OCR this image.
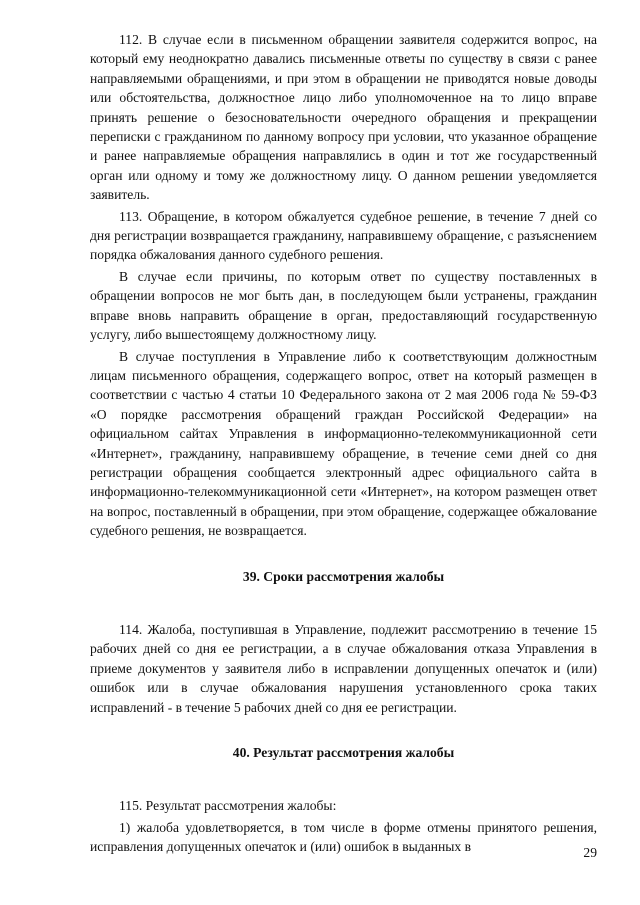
112. В случае если в письменном обращении заявителя содержится вопрос, на который ему неоднократно давались письменные ответы по существу в связи с ранее направляемыми обращениями, и при этом в обращении не приводятся новые доводы или обстоятельства, должностное лицо либо уполномоченное на то лицо вправе принять решение о безосновательности очередного обращения и прекращении переписки с гражданином по данному вопросу при условии, что указанное обращение и ранее направляемые обращения направлялись в один и тот же государственный орган или одному и тому же должностному лицу. О данном решении уведомляется заявитель.

113. Обращение, в котором обжалуется судебное решение, в течение 7 дней со дня регистрации возвращается гражданину, направившему обращение, с разъяснением порядка обжалования данного судебного решения.

В случае если причины, по которым ответ по существу поставленных в обращении вопросов не мог быть дан, в последующем были устранены, гражданин вправе вновь направить обращение в орган, предоставляющий государственную услугу, либо вышестоящему должностному лицу.

В случае поступления в Управление либо к соответствующим должностным лицам письменного обращения, содержащего вопрос, ответ на который размещен в соответствии с частью 4 статьи 10 Федерального закона от 2 мая 2006 года № 59-ФЗ «О порядке рассмотрения обращений граждан Российской Федерации» на официальном сайтах Управления в информационно-телекоммуникационной сети «Интернет», гражданину, направившему обращение, в течение семи дней со дня регистрации обращения сообщается электронный адрес официального сайта в информационно-телекоммуникационной сети «Интернет», на котором размещен ответ на вопрос, поставленный в обращении, при этом обращение, содержащее обжалование судебного решения, не возвращается.

39. Сроки рассмотрения жалобы

114. Жалоба, поступившая в Управление, подлежит рассмотрению в течение 15 рабочих дней со дня ее регистрации, а в случае обжалования отказа Управления в приеме документов у заявителя либо в исправлении допущенных опечаток и (или) ошибок или в случае обжалования нарушения установленного срока таких исправлений - в течение 5 рабочих дней со дня ее регистрации.

40. Результат рассмотрения жалобы

115. Результат рассмотрения жалобы:

1) жалоба удовлетворяется, в том числе в форме отмены принятого решения, исправления допущенных опечаток и (или) ошибок в выданных в	29
